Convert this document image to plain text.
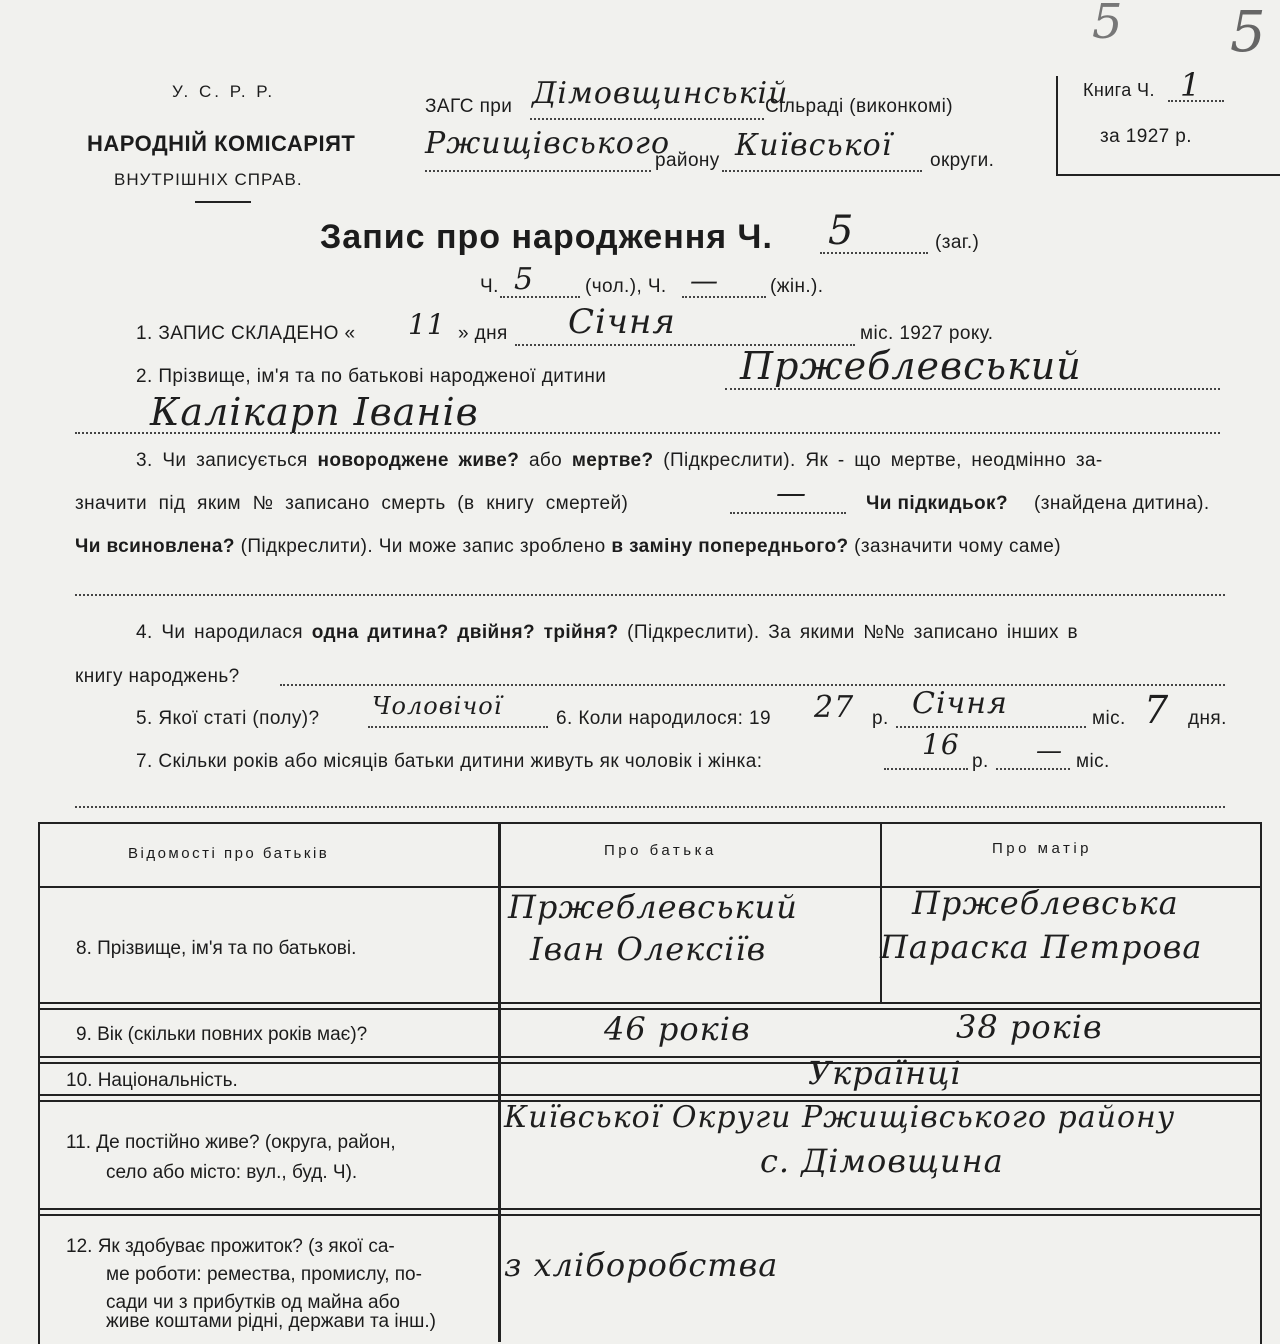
5
5
У. С. Р. Р.
НАРОДНІЙ КОМІСАРІЯТ
ВНУТРІШНІХ СПРАВ.
ЗАГС при Дімовщинській
Сільраді (виконкомі)
Ржищівського
району Київської округи.
Книга Ч. 1
за 1927 р.
Запис про народження Ч. 5	(заг.)
Ч. 5	(чол.), Ч. —	(жін.).
1. ЗАПИС СКЛАДЕНО « 11 » дня Січня	міс. 1927 року.
2. Прізвище, ім'я та по батькові народженої дитини	Пржеблевський
Калікарп Іванів
3. Чи записується новороджене живе? або мертве? (Підкреслити). Як - що мертве, неодмінно за-
значити під яким № записано смерть (в книгу смертей)	—	Чи підкидьок? (знайдена дитина).
Чи всиновлена? (Підкреслити). Чи може запис зроблено в заміну попереднього? (зазначити чому саме)
4. Чи народилася одна дитина? двійня? трійня? (Підкреслити). За якими №№ записано інших в
книгу народжень?
5. Якої статі (полу)? Чоловічої	6. Коли народилося: 19 27 р. Січня	міс. 7 дня.
7. Скільки років або місяців батьки дитини живуть як чоловік і жінка:
16
р. — міс.
Відомості про батьків	Про батька	Про матір
8. Прізвище, ім'я та по батькові.
Пржеблевський
Іван Олексіїв
Пржеблевська
Параска Петрова
9. Вік (скільки повних років має)?	46 років	38 років
10. Національність.	Українці
11. Де постійно живе? (округа, район,
село або місто: вул., буд. Ч).
Київської Округи Ржищівського району
с. Дімовщина
12. Як здобуває прожиток? (з якої са-
ме роботи: ремества, промислу, по-
сади чи з прибутків од майна або
живе коштами рідні, держави та інш.)
з хліборобства
